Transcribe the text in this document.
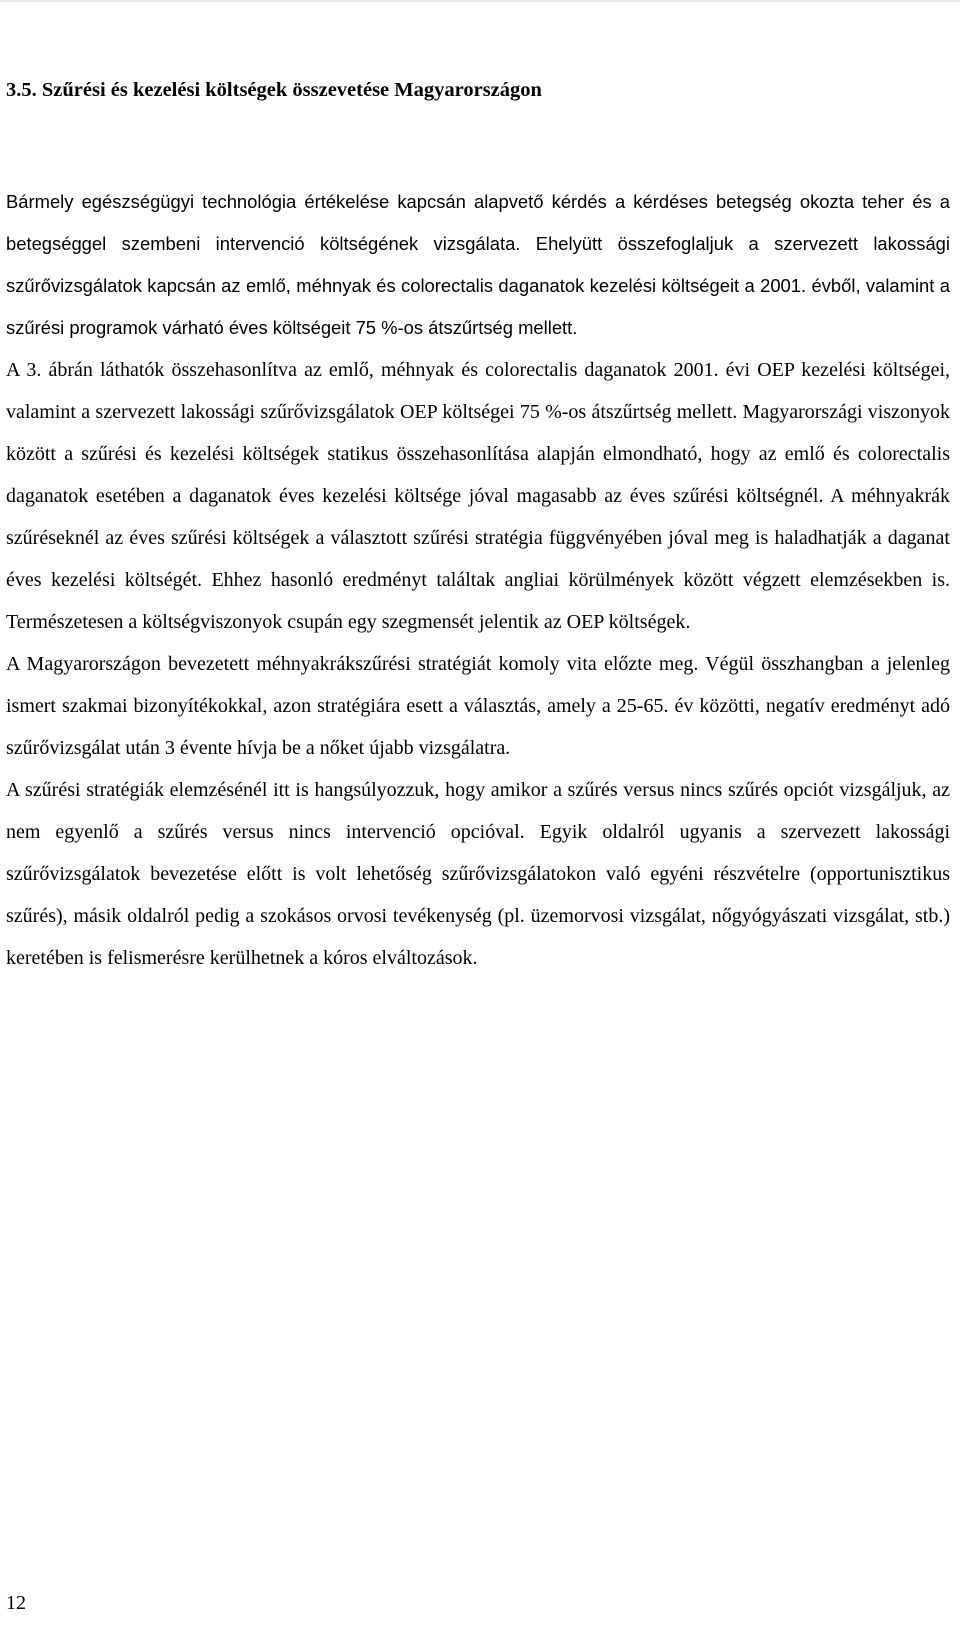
3.5. Szűrési és kezelési költségek összevetése Magyarországon

Bármely egészségügyi technológia értékelése kapcsán alapvető kérdés a kérdéses betegség okozta teher és a betegséggel szembeni intervenció költségének vizsgálata. Ehelyütt összefoglaljuk a szervezett lakossági szűrővizsgálatok kapcsán az emlő, méhnyak és colorectalis daganatok kezelési költségeit a 2001. évből, valamint a szűrési programok várható éves költségeit 75 %-os átszűrtség mellett.

A 3. ábrán láthatók összehasonlítva az emlő, méhnyak és colorectalis daganatok 2001. évi OEP kezelési költségei, valamint a szervezett lakossági szűrővizsgálatok OEP költségei 75 %-os átszűrtség mellett. Magyarországi viszonyok között a szűrési és kezelési költségek statikus összehasonlítása alapján elmondható, hogy az emlő és colorectalis daganatok esetében a daganatok éves kezelési költsége jóval magasabb az éves szűrési költségnél. A méhnyakrák szűréseknél az éves szűrési költségek a választott szűrési stratégia függvényében jóval meg is haladhatják a daganat éves kezelési költségét. Ehhez hasonló eredményt találtak angliai körülmények között végzett elemzésekben is. Természetesen a költségviszonyok csupán egy szegmensét jelentik az OEP költségek.

A Magyarországon bevezetett méhnyakrákszűrési stratégiát komoly vita előzte meg. Végül összhangban a jelenleg ismert szakmai bizonyítékokkal, azon stratégiára esett a választás, amely a 25-65. év közötti, negatív eredményt adó szűrővizsgálat után 3 évente hívja be a nőket újabb vizsgálatra.

A szűrési stratégiák elemzésénél itt is hangsúlyozzuk, hogy amikor a szűrés versus nincs szűrés opciót vizsgáljuk, az nem egyenlő a szűrés versus nincs intervenció opcióval. Egyik oldalról ugyanis a szervezett lakossági szűrővizsgálatok bevezetése előtt is volt lehetőség szűrővizsgálatokon való egyéni részvételre (opportunisztikus szűrés), másik oldalról pedig a szokásos orvosi tevékenység (pl. üzemorvosi vizsgálat, nőgyógyászati vizsgálat, stb.) keretében is felismerésre kerülhetnek a kóros elváltozások.

12
